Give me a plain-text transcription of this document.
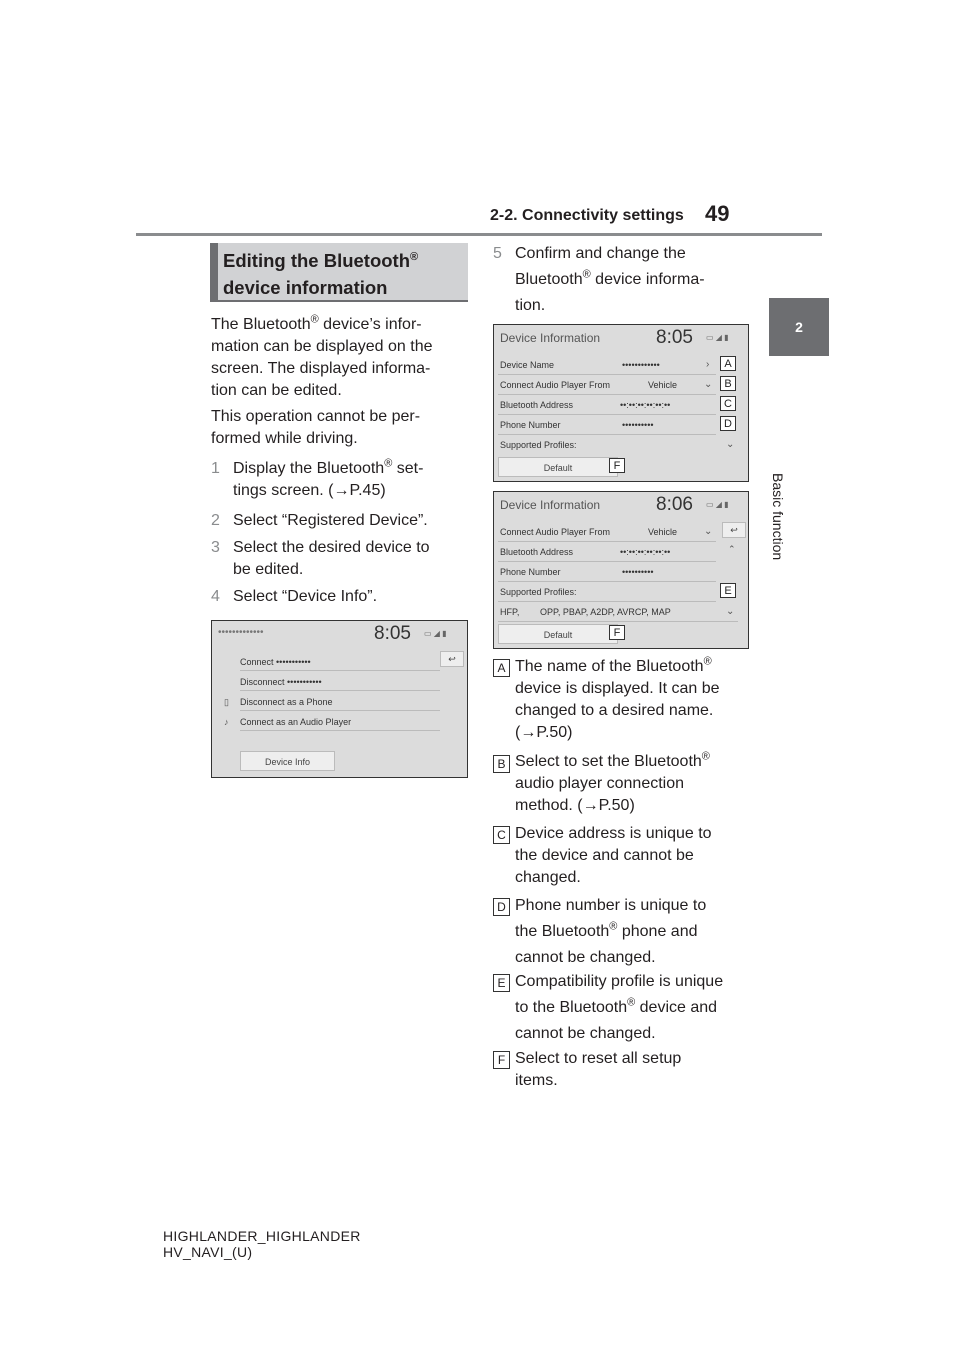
2-2. Connectivity settings 49
2
Basic function
Editing the Bluetooth®
device information
The Bluetooth® device’s infor-
mation can be displayed on the
screen. The displayed informa-
tion can be edited.
This operation cannot be per-
formed while driving.
1 Display the Bluetooth® set-
tings screen. (→P.45)
2 Select “Registered Device”.
3 Select the desired device to
be edited.
4 Select “Device Info”.
•••••••••••••	8:05 ▭ ◢ ▮
Connect •••••••••••
Disconnect •••••••••••
Disconnect as a Phone
Connect as an Audio Player
▯
♪
↩
Device Info
5 Confirm and change the
Bluetooth® device informa-
tion.
Device Information	8:05 ▭ ◢ ▮
Device Name	••••••••••••	›
Connect Audio Player From	Vehicle	⌄
Bluetooth Address	••:••:••:••:••:••
Phone Number	••••••••••
Supported Profiles:	⌄
Default
A
B
C
D
F
Device Information	8:06 ▭ ◢ ▮
Connect Audio Player From	Vehicle	⌄
Bluetooth Address	••:••:••:••:••:••
Phone Number	••••••••••
Supported Profiles:
HFP, OPP, PBAP, A2DP, AVRCP, MAP	⌄
↩
⌃
Default
E
F
A The name of the Bluetooth®
device is displayed. It can be
changed to a desired name.
(→P.50)
B Select to set the Bluetooth®
audio player connection
method. (→P.50)
C Device address is unique to
the device and cannot be
changed.
D Phone number is unique to
the Bluetooth® phone and
cannot be changed.
E Compatibility profile is unique
to the Bluetooth® device and
cannot be changed.
F Select to reset all setup
items.
HIGHLANDER_HIGHLANDER
HV_NAVI_(U)
